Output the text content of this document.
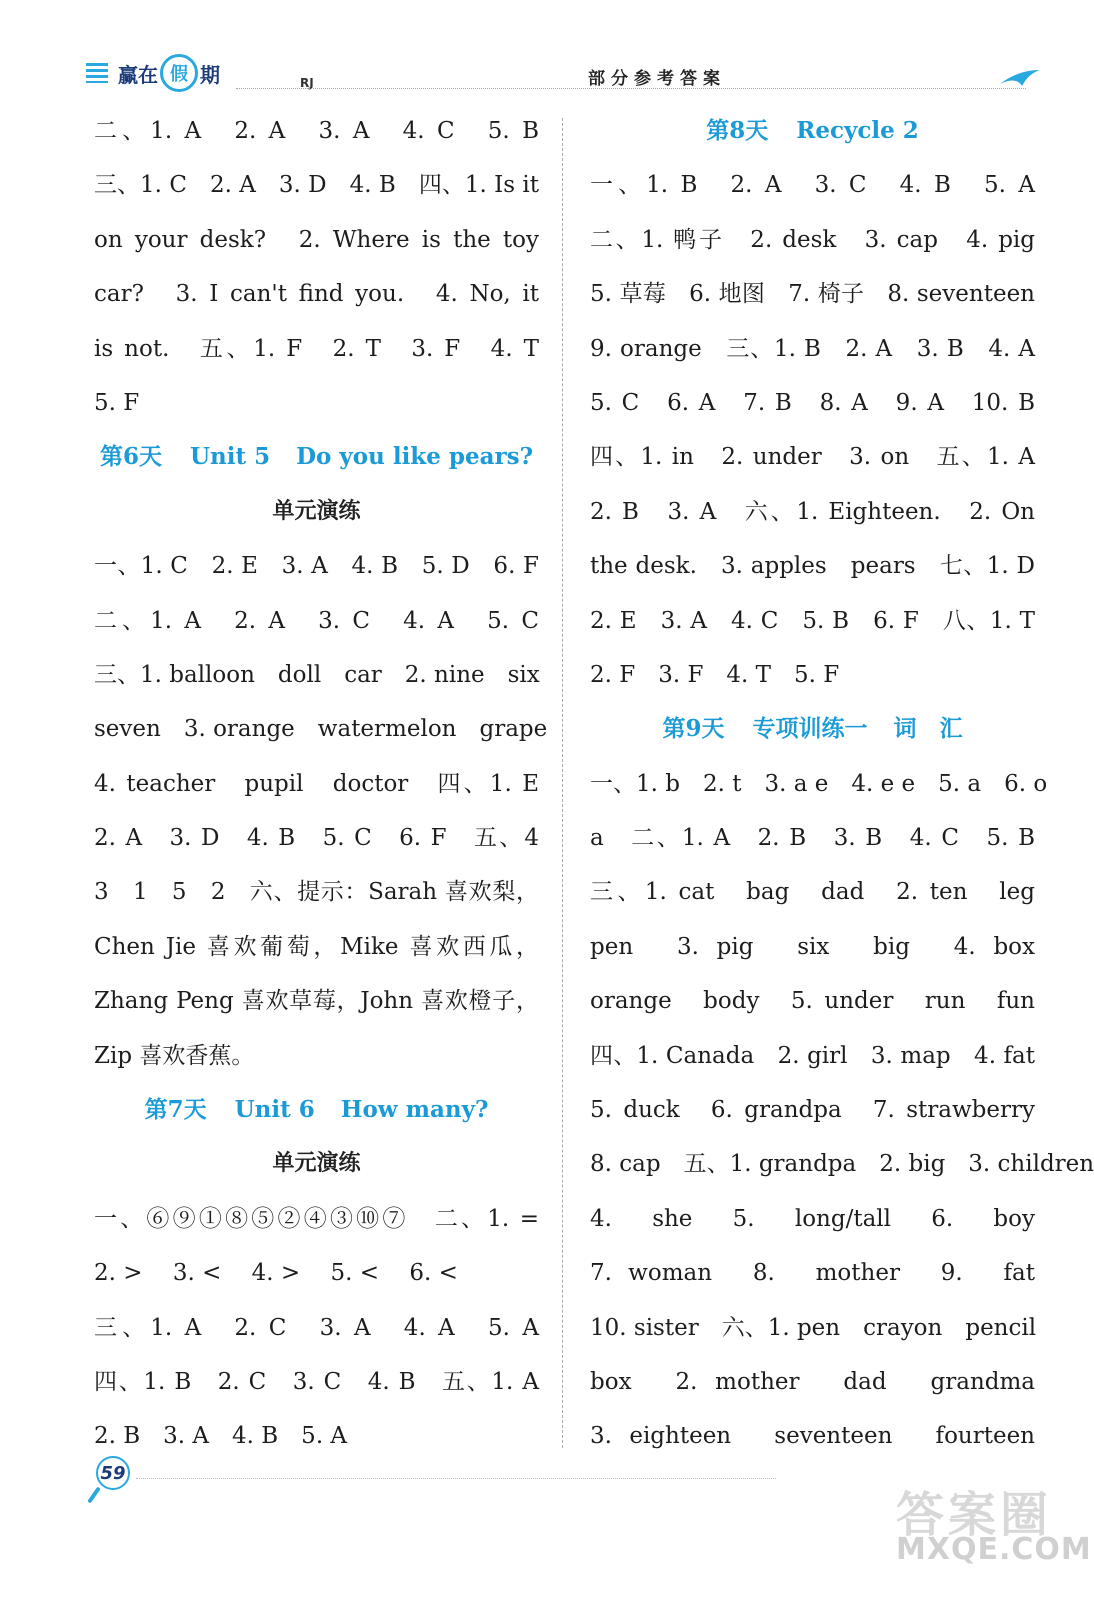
赢在 假 期	RJ	部分参考答案
二、1. A　2. A　3. A　4. C　5. B
三、1. C　2. A　3. D　4. B　四、1. Is it
on your desk?　2. Where is the toy
car?　3. I can't find you.　4. No, it
is not.　五、1. F　2. T　3. F　4. T
5. F
第6天 Unit 5 Do you like pears?
单元演练
一、1. C　2. E　3. A　4. B　5. D　6. F
二、1. A　2. A　3. C　4. A　5. C
三、1. balloon　doll　car　2. nine　six
seven　3. orange　watermelon　grape
4. teacher　pupil　doctor　四、1. E
2. A　3. D　4. B　5. C　6. F　五、4
3　1　5　2　六、提示：Sarah 喜欢梨，
Chen Jie 喜欢葡萄，Mike 喜欢西瓜，
Zhang Peng 喜欢草莓，John 喜欢橙子，
Zip 喜欢香蕉。
第7天 Unit 6 How many?
单元演练
一、⑥⑨①⑧⑤②④③⑩⑦　二、1. =
2. >　 3. <　 4. >　 5. <　 6. <
三、1. A　2. C　3. A　4. A　5. A
四、1. B　2. C　3. C　4. B　五、1. A
2. B　3. A　4. B　5. A
第8天 Recycle 2
一、1. B　2. A　3. C　4. B　5. A
二、1. 鸭子　2. desk　3. cap　4. pig
5. 草莓　6. 地图　7. 椅子　8. seventeen
9. orange　三、1. B　2. A　3. B　4. A
5. C　6. A　7. B　8. A　9. A　10. B
四、1. in　2. under　3. on　五、1. A
2. B　3. A　六、1. Eighteen.　2. On
the desk.　3. apples　pears　七、1. D
2. E　3. A　4. C　5. B　6. F　八、1. T
2. F　3. F　4. T　5. F
第9天 专项训练一 词　汇
一、1. b　2. t　3. a e　4. e e　5. a　6. o
a　二、1. A　2. B　3. B　4. C　5. B
三、1. cat　bag　dad　2. ten　leg
pen　3. pig　six　big　4. box
orange　body　5. under　run　fun
四、1. Canada　2. girl　3. map　4. fat
5. duck　6. grandpa　7. strawberry
8. cap　五、1. grandpa　2. big　3. children
4.　she　5.　long/tall　6.　boy
7. woman　8.　mother　9.　fat
10. sister　六、1. pen　crayon　pencil
box　2. mother　dad　grandma
3. eighteen　seventeen　fourteen
59
答案圈
MXQE.COM
